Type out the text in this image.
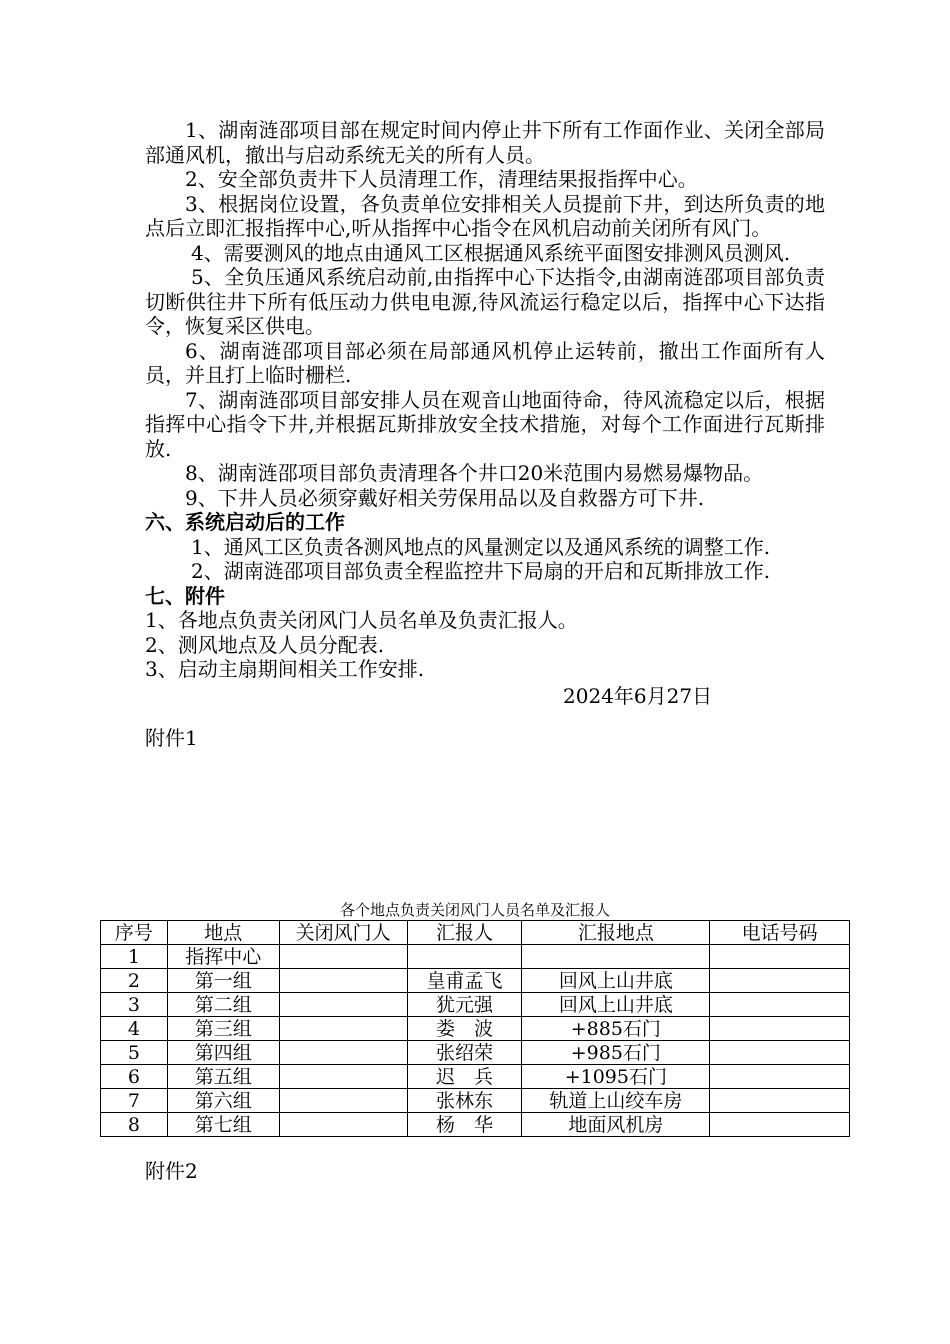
1、湖南涟邵项目部在规定时间内停止井下所有工作面作业、关闭全部局部通风机，撤出与启动系统无关的所有人员。

2、安全部负责井下人员清理工作，清理结果报指挥中心。

3、根据岗位设置，各负责单位安排相关人员提前下井，到达所负责的地点后立即汇报指挥中心,听从指挥中心指令在风机启动前关闭所有风门。

4、需要测风的地点由通风工区根据通风系统平面图安排测风员测风.

5、全负压通风系统启动前,由指挥中心下达指令,由湖南涟邵项目部负责切断供往井下所有低压动力供电电源,待风流运行稳定以后，指挥中心下达指令，恢复采区供电。

6、湖南涟邵项目部必须在局部通风机停止运转前，撤出工作面所有人员，并且打上临时栅栏.

7、湖南涟邵项目部安排人员在观音山地面待命，待风流稳定以后，根据指挥中心指令下井,并根据瓦斯排放安全技术措施，对每个工作面进行瓦斯排放.

8、湖南涟邵项目部负责清理各个井口20米范围内易燃易爆物品。

9、下井人员必须穿戴好相关劳保用品以及自救器方可下井.

六、系统启动后的工作

1、通风工区负责各测风地点的风量测定以及通风系统的调整工作.

2、湖南涟邵项目部负责全程监控井下局扇的开启和瓦斯排放工作.

七、附件

1、各地点负责关闭风门人员名单及负责汇报人。

2、测风地点及人员分配表.

3、启动主扇期间相关工作安排.

2024年6月27日

附件1

各个地点负责关闭风门人员名单及汇报人
序号	地点	关闭风门人	汇报人	汇报地点	电话号码
1	指挥中心				
2	第一组		皇甫孟飞	回风上山井底	
3	第二组		犹元强	回风上山井底	
4	第三组		娄　波	+885石门	
5	第四组		张绍荣	+985石门	
6	第五组		迟　兵	+1095石门	
7	第六组		张林东	轨道上山绞车房	
8	第七组		杨　华	地面风机房	
附件2
